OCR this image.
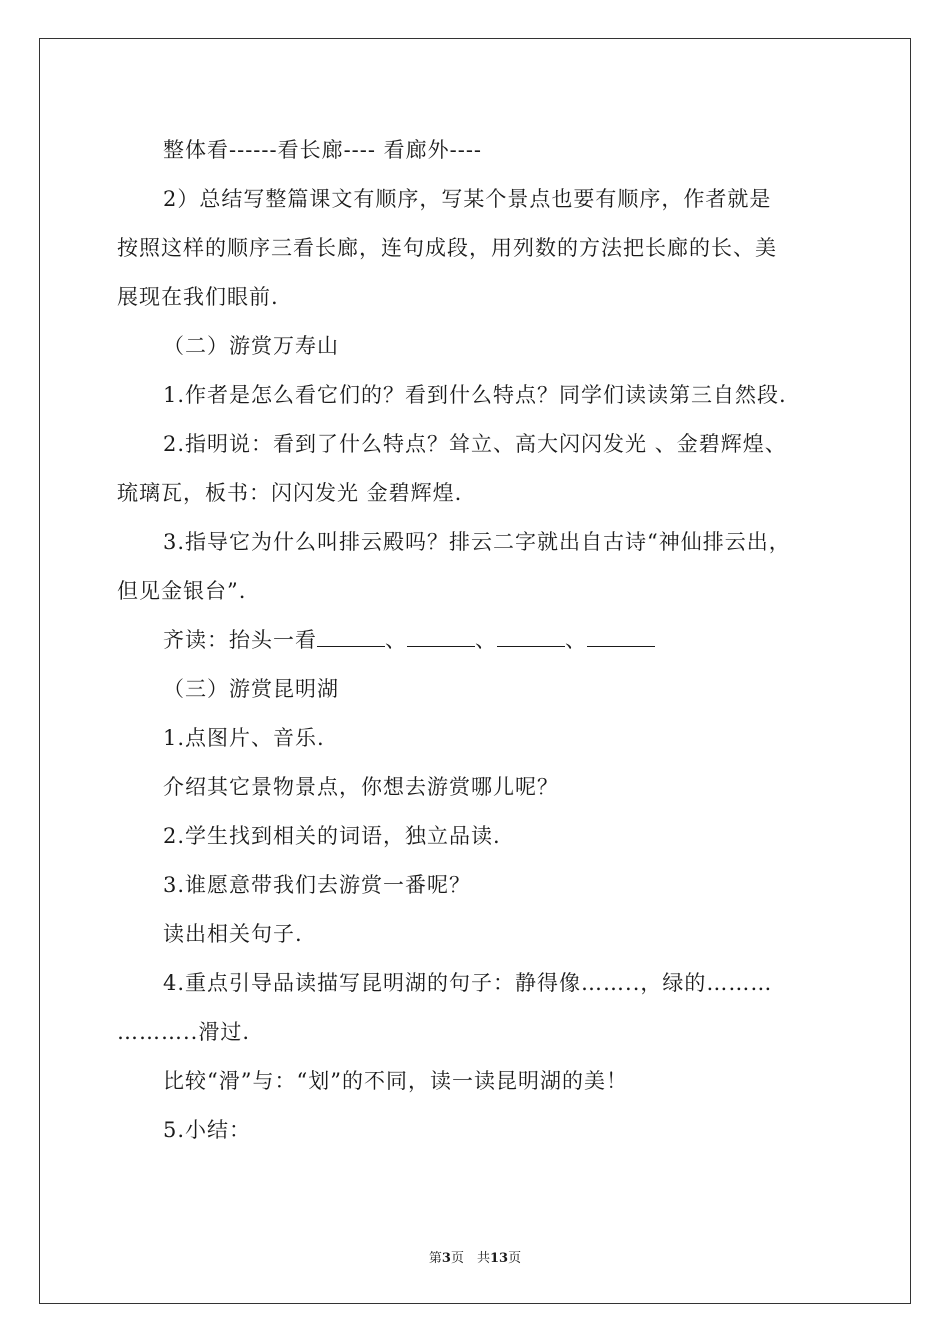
整体看------看长廊---- 看廊外----
2）总结写整篇课文有顺序，写某个景点也要有顺序，作者就是
按照这样的顺序三看长廊，连句成段，用列数的方法把长廊的长、美
展现在我们眼前.
（二）游赏万寿山
1.作者是怎么看它们的？看到什么特点？同学们读读第三自然段.
2.指明说：看到了什么特点？耸立、高大闪闪发光 、金碧辉煌、
琉璃瓦，板书：闪闪发光 金碧辉煌.
3.指导它为什么叫排云殿吗？排云二字就出自古诗“神仙排云出，
但见金银台”.
齐读：抬头一看	、	、	、
（三）游赏昆明湖
1.点图片、音乐.
介绍其它景物景点，你想去游赏哪儿呢？
2.学生找到相关的词语，独立品读.
3.谁愿意带我们去游赏一番呢？
读出相关句子.
4.重点引导品读描写昆明湖的句子：静得像……..，绿的………
………..滑过.
比较“滑”与：“划”的不同，读一读昆明湖的美！
5.小结：
第3页　共13页
